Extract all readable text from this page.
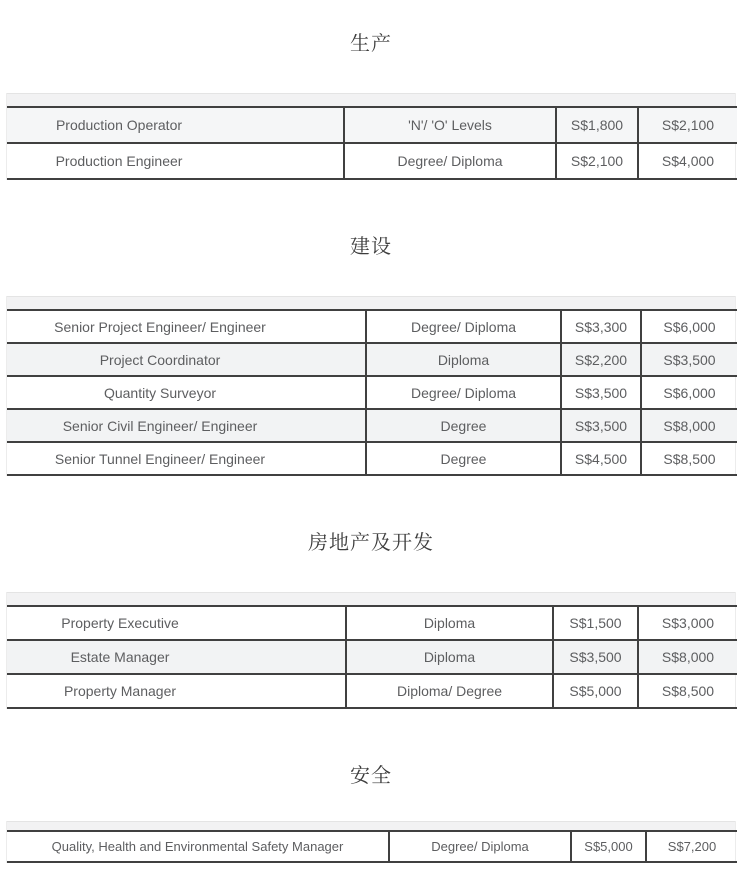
生产
Production Operator	'N'/ 'O' Levels	S$1,800	S$2,100
Production Engineer	Degree/ Diploma	S$2,100	S$4,000
建设
Senior Project Engineer/ Engineer	Degree/ Diploma	S$3,300	S$6,000
Project Coordinator	Diploma	S$2,200	S$3,500
Quantity Surveyor	Degree/ Diploma	S$3,500	S$6,000
Senior Civil Engineer/ Engineer	Degree	S$3,500	S$8,000
Senior Tunnel Engineer/ Engineer	Degree	S$4,500	S$8,500
房地产及开发
Property Executive	Diploma	S$1,500	S$3,000
Estate Manager	Diploma	S$3,500	S$8,000
Property Manager	Diploma/ Degree	S$5,000	S$8,500
安全
Quality, Health and Environmental Safety Manager	Degree/ Diploma	S$5,000	S$7,200
